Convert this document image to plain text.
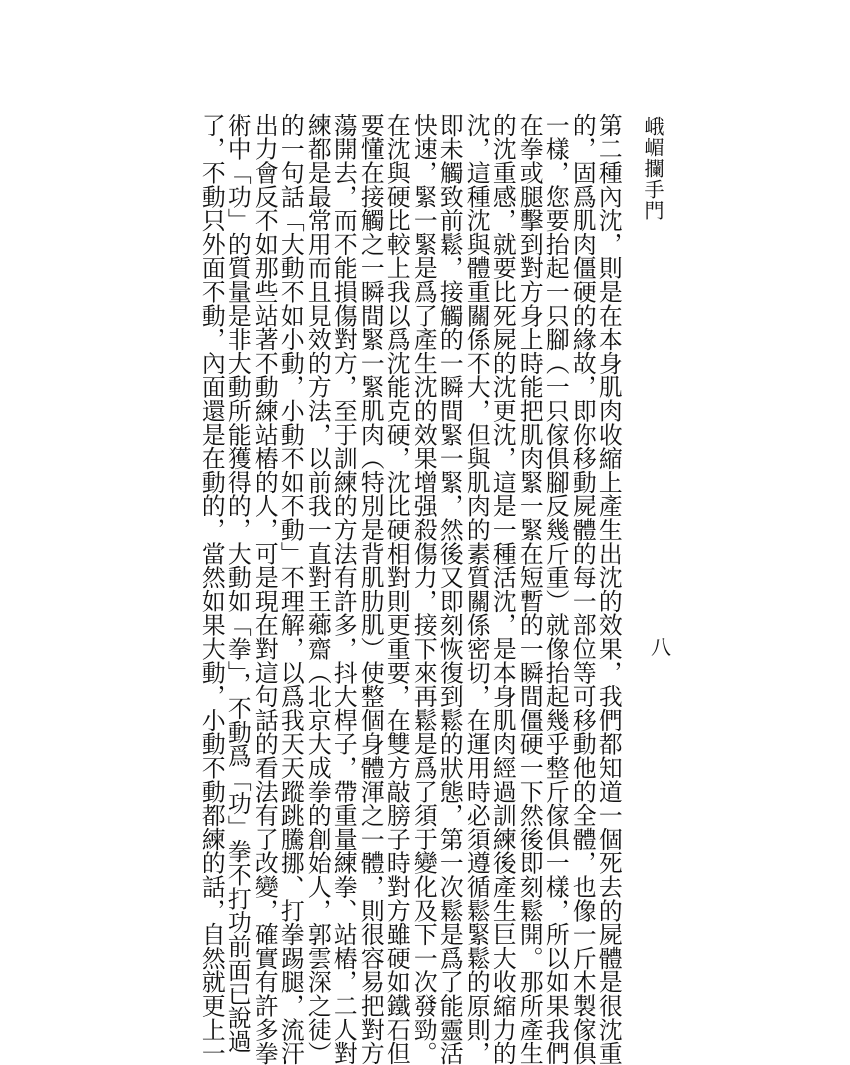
峨嵋攔手門
八
第二種內沈，則是在本身肌肉收縮上產生出沈的效果，我們都知道一個死去的屍體是很沈重
的，固爲肌肉僵硬的緣故，即你移動屍體的每一部位等可移動他的全體，也像一斤木製傢俱
一樣，您要抬起一只腳（一只傢俱腳反幾斤重）就像抬起幾乎整斤傢俱一樣，所以如果我們
在拳或腿擊到對方身上時能把肌肉緊一緊在短暫的一瞬間僵硬一下然後即刻鬆開。那所產生
的沈重感，就要比死屍的沈更沈，這是一種活沈，是本身肌肉經過訓練後產生巨大收縮力的
沈，這種沈與體重關係不大，但與肌肉的素質關係密切，在運用時必須遵循鬆緊鬆的原則，
即未觸致前鬆，接觸的一瞬間緊一緊，然後又即刻恢復到鬆的狀態，第一次鬆是爲了能靈活
快速，緊一緊是爲了產生沈的效果增强殺傷力，接下來再鬆是爲了須于變化及下一次發勁。
在沈與硬比較上我以爲沈能克硬，沈比硬相對則更重要，在雙方敲膀子時對方雖硬如鐵石但
要懂在接觸之一瞬間緊一緊肌肉（特別是背肌肋肌）使整個身體渾之一體，則很容易把對方
蕩開去，而不能損傷對方，至于訓練的方法有許多，抖大桿子，帶重量練拳、站樁，二人對
練都是最常用而且見效的方法，以前我一直對王薌齋（北京大成拳的創始人，郭雲深之徒）
的一句話「大動不如小動，小動不如不動」不理解，以爲我天天蹤跳騰挪、打拳踢腿，流汗
出力會反不如那些站著不動練站樁的人，可是現在對這句話的看法有了改變，確實有許多拳
術中「功」的質量是非大動所能獲得的，大動如「拳」，不動爲「功」拳不打功前面已說過
了，不動只外面不動，內面還是在動的，當然如果大動，小動不動都練的話，自然就更上一
